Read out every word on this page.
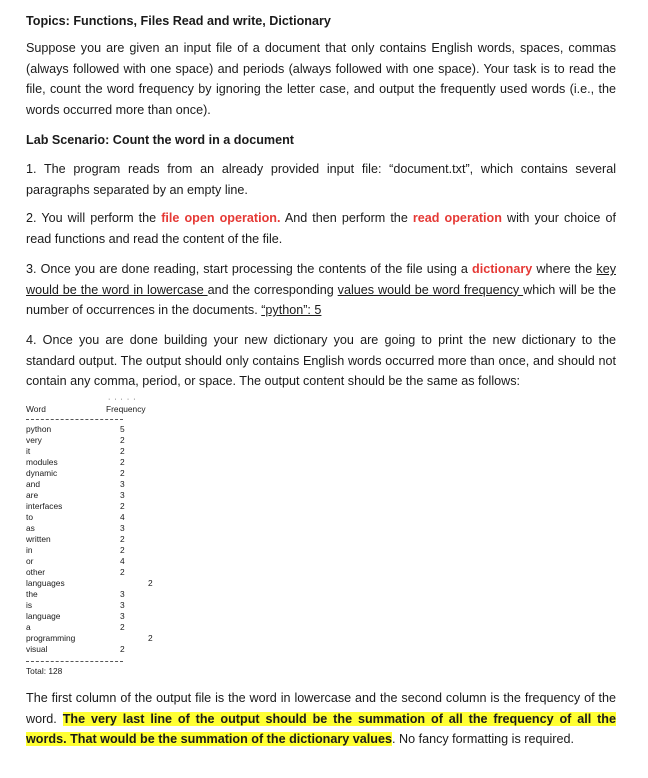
Topics: Functions, Files Read and write, Dictionary
Suppose you are given an input file of a document that only contains English words, spaces, commas (always followed with one space) and periods (always followed with one space). Your task is to read the file, count the word frequency by ignoring the letter case, and output the frequently used words (i.e., the words occurred more than once).
Lab Scenario: Count the word in a document
1. The program reads from an already provided input file: “document.txt”, which contains several paragraphs separated by an empty line.
2. You will perform the file open operation. And then perform the read operation with your choice of read functions and read the content of the file.
3. Once you are done reading, start processing the contents of the file using a dictionary where the key would be the word in lowercase and the corresponding values would be word frequency which will be the number of occurrences in the documents. “python”: 5
4. Once you are done building your new dictionary you are going to print the new dictionary to the standard output. The output should only contains English words occurred more than once, and should not contain any comma, period, or space. The output content should be the same as follows:
Word	Frequency
· · · · ·
python	5
very	2
it	2
modules	2
dynamic	2
and	3
are	3
interfaces	2
to	4
as	3
written	2
in	2
or	4
other	2
languages	2
the	3
is	3
language	3
a	2
programming	2
visual	2
Total: 128
The first column of the output file is the word in lowercase and the second column is the frequency of the word. The very last line of the output should be the summation of all the frequency of all the words. That would be the summation of the dictionary values. No fancy formatting is required.
